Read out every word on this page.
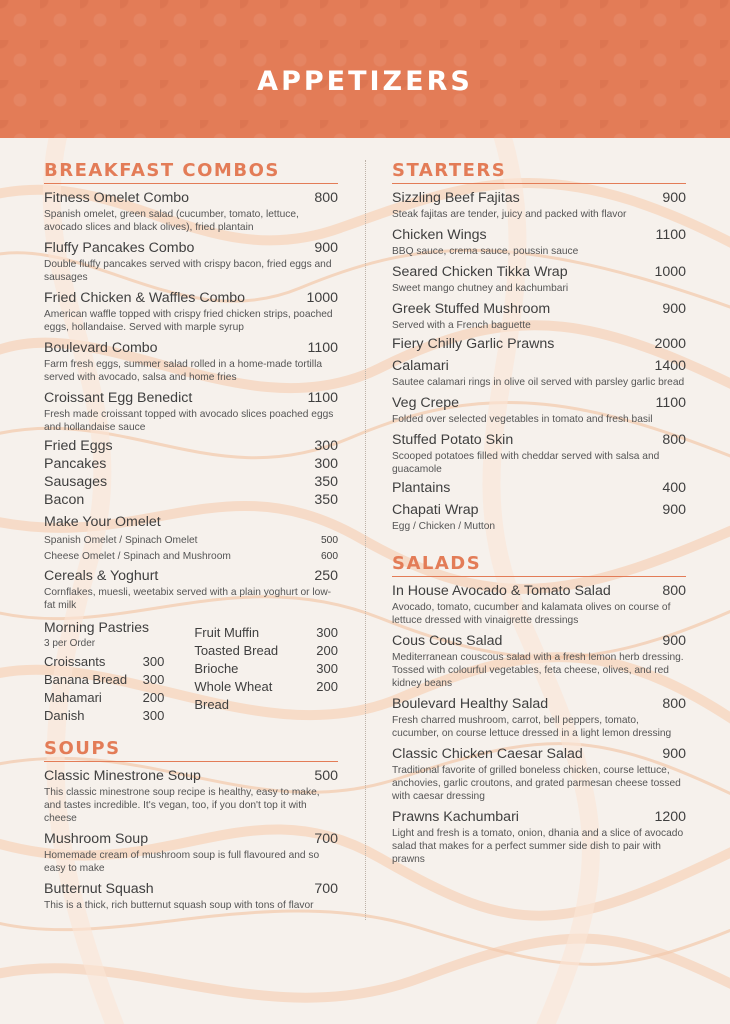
APPETIZERS
BREAKFAST COMBOS
Fitness Omelet Combo	800
Spanish omelet, green salad (cucumber, tomato, lettuce, avocado slices and black olives), fried plantain
Fluffy Pancakes Combo	900
Double fluffy pancakes served with crispy bacon, fried eggs and sausages
Fried Chicken & Waffles Combo	1000
American waffle topped with crispy fried chicken strips, poached eggs, hollandaise. Served with marple syrup
Boulevard Combo	1100
Farm fresh eggs, summer salad rolled in a home-made tortilla served with avocado, salsa and home fries
Croissant Egg Benedict	1100
Fresh made croissant topped with avocado slices poached eggs and hollandaise sauce
Fried Eggs	300
Pancakes	300
Sausages	350
Bacon	350
Make Your Omelet
Spanish Omelet / Spinach Omelet	500
Cheese Omelet / Spinach and Mushroom	600
Cereals & Yoghurt	250
Cornflakes, muesli, weetabix served with a plain yoghurt or low-fat milk
Morning Pastries
3 per Order
Croissants	300
Banana Bread 300
Mahamari	200
Danish	300
Fruit Muffin	300
Toasted Bread	200
Brioche	300
Whole Wheat	200
Bread
SOUPS
Classic Minestrone Soup	500
This classic minestrone soup recipe is healthy, easy to make, and tastes incredible. It's vegan, too, if you don't top it with cheese
Mushroom Soup	700
Homemade cream of mushroom soup is full flavoured and so easy to make
Butternut Squash	700
This is a thick, rich butternut squash soup with tons of flavor
STARTERS
Sizzling Beef Fajitas	900
Steak fajitas are tender, juicy and packed with flavor
Chicken Wings	1100
BBQ sauce, crema sauce, poussin sauce
Seared Chicken Tikka Wrap	1000
Sweet mango chutney and kachumbari
Greek Stuffed Mushroom	900
Served with a French baguette
Fiery Chilly Garlic Prawns	2000
Calamari	1400
Sautee calamari rings in olive oil served with parsley garlic bread
Veg Crepe	1100
Folded over selected vegetables in tomato and fresh basil
Stuffed Potato Skin	800
Scooped potatoes filled with cheddar served with salsa and guacamole
Plantains	400
Chapati Wrap	900
Egg / Chicken / Mutton
SALADS
In House Avocado & Tomato Salad	800
Avocado, tomato, cucumber and kalamata olives on course of lettuce dressed with vinaigrette dressings
Cous Cous Salad	900
Mediterranean couscous salad with a fresh lemon herb dressing. Tossed with colourful vegetables, feta cheese, olives, and red kidney beans
Boulevard Healthy Salad	800
Fresh charred mushroom, carrot, bell peppers, tomato, cucumber, on course lettuce dressed in a light lemon dressing
Classic Chicken Caesar Salad	900
Traditional favorite of grilled boneless chicken, course lettuce, anchovies, garlic croutons, and grated parmesan cheese tossed with caesar dressing
Prawns Kachumbari	1200
Light and fresh is a tomato, onion, dhania and a slice of avocado salad that makes for a perfect summer side dish to pair with prawns
